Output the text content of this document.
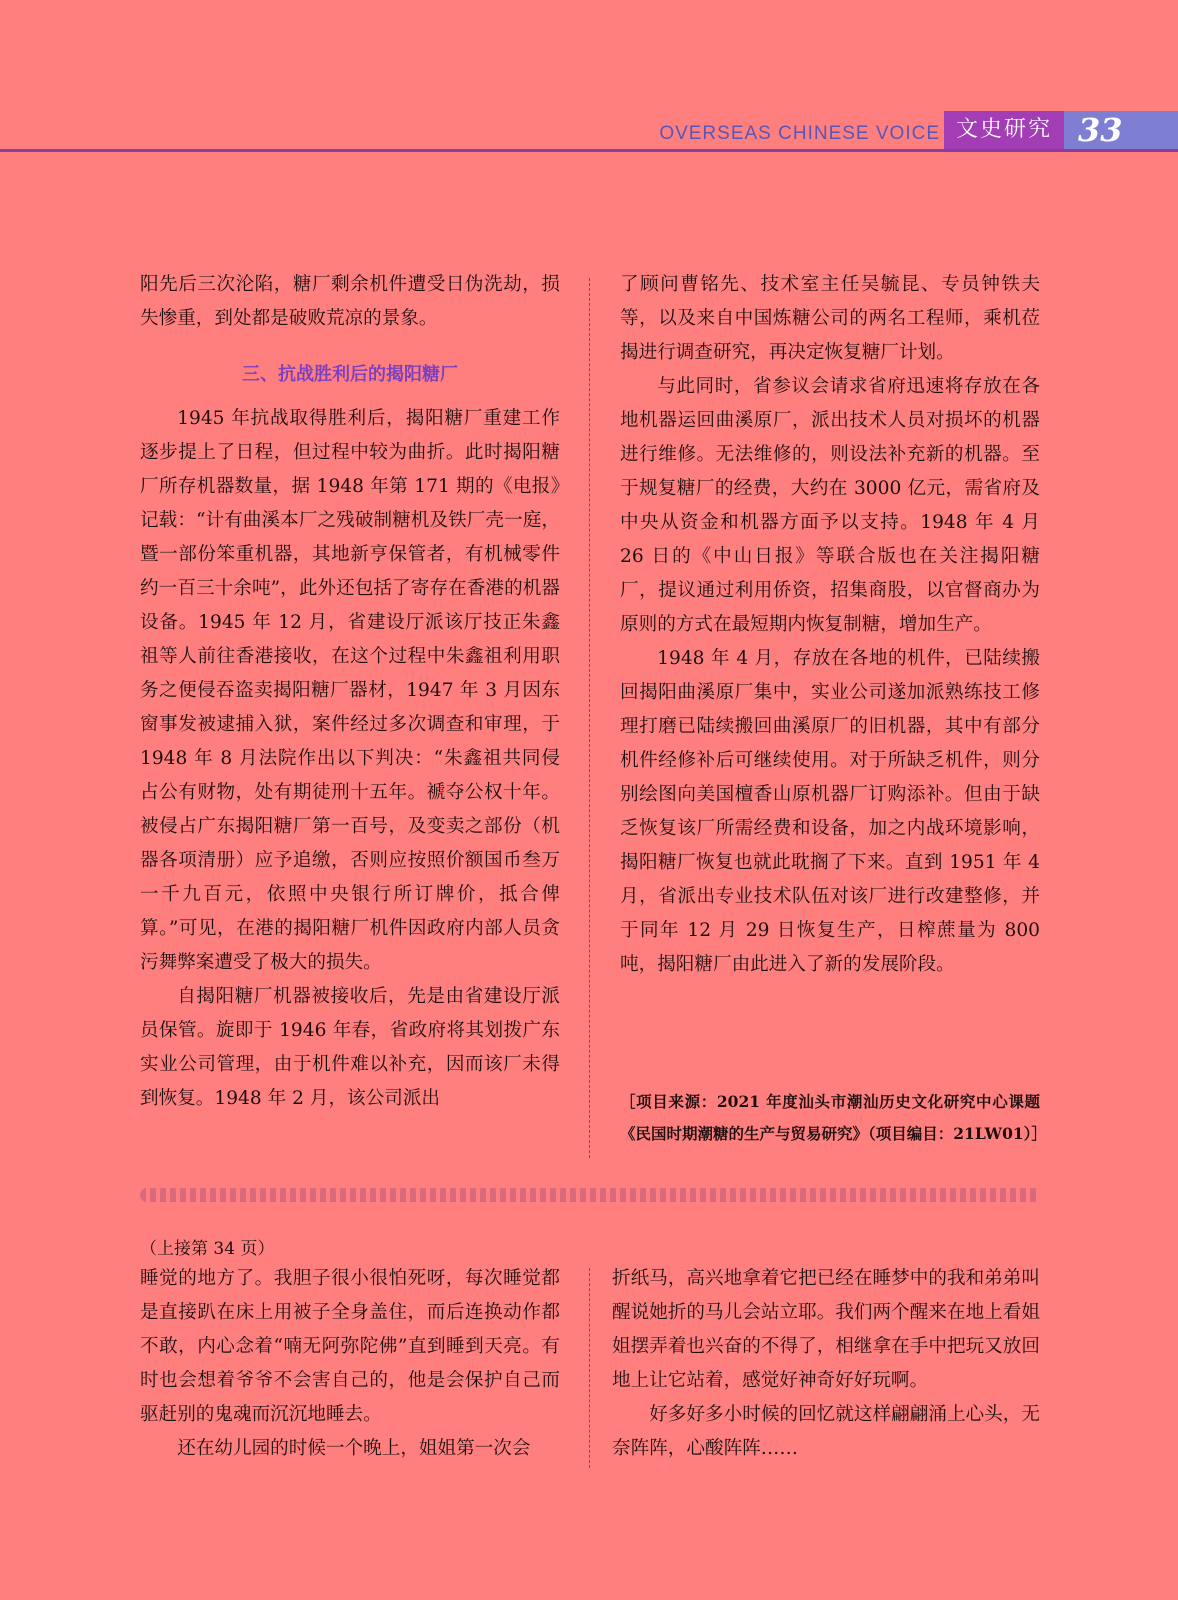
OVERSEAS CHINESE VOICE 文史研究 33

阳先后三次沦陷，糖厂剩余机件遭受日伪洗劫，损失惨重，到处都是破败荒凉的景象。

三、抗战胜利后的揭阳糖厂

1945 年抗战取得胜利后，揭阳糖厂重建工作逐步提上了日程，但过程中较为曲折。此时揭阳糖厂所存机器数量，据 1948 年第 171 期的《电报》记载：“计有曲溪本厂之残破制糖机及铁厂壳一庭，暨一部份笨重机器，其地新亨保管者，有机械零件约一百三十余吨”，此外还包括了寄存在香港的机器设备。1945 年 12 月，省建设厅派该厅技正朱鑫祖等人前往香港接收，在这个过程中朱鑫祖利用职务之便侵吞盗卖揭阳糖厂器材，1947 年 3 月因东窗事发被逮捕入狱，案件经过多次调查和审理，于 1948 年 8 月法院作出以下判决：“朱鑫祖共同侵占公有财物，处有期徒刑十五年。褫夺公权十年。被侵占广东揭阳糖厂第一百号，及变卖之部份（机器各项清册）应予追缴，否则应按照价额国币叁万一千九百元，依照中央银行所订牌价，抵合俾算。”可见，在港的揭阳糖厂机件因政府内部人员贪污舞弊案遭受了极大的损失。

自揭阳糖厂机器被接收后，先是由省建设厅派员保管。旋即于 1946 年春，省政府将其划拨广东实业公司管理，由于机件难以补充，因而该厂未得到恢复。1948 年 2 月，该公司派出

了顾问曹铭先、技术室主任吴毓昆、专员钟铁夫等，以及来自中国炼糖公司的两名工程师，乘机莅揭进行调查研究，再决定恢复糖厂计划。

与此同时，省参议会请求省府迅速将存放在各地机器运回曲溪原厂，派出技术人员对损坏的机器进行维修。无法维修的，则设法补充新的机器。至于规复糖厂的经费，大约在 3000 亿元，需省府及中央从资金和机器方面予以支持。1948 年 4 月 26 日的《中山日报》等联合版也在关注揭阳糖厂，提议通过利用侨资，招集商股，以官督商办为原则的方式在最短期内恢复制糖，增加生产。

1948 年 4 月，存放在各地的机件，已陆续搬回揭阳曲溪原厂集中，实业公司遂加派熟练技工修理打磨已陆续搬回曲溪原厂的旧机器，其中有部分机件经修补后可继续使用。对于所缺乏机件，则分别绘图向美国檀香山原机器厂订购添补。但由于缺乏恢复该厂所需经费和设备，加之内战环境影响，揭阳糖厂恢复也就此耽搁了下来。直到 1951 年 4 月，省派出专业技术队伍对该厂进行改建整修，并于同年 12 月 29 日恢复生产，日榨蔗量为 800 吨，揭阳糖厂由此进入了新的发展阶段。

［项目来源：2021 年度汕头市潮汕历史文化研究中心课题《民国时期潮糖的生产与贸易研究》（项目编目：21LW01）］
（上接第 34 页）

睡觉的地方了。我胆子很小很怕死呀，每次睡觉都是直接趴在床上用被子全身盖住，而后连换动作都不敢，内心念着“喃无阿弥陀佛”直到睡到天亮。有时也会想着爷爷不会害自己的，他是会保护自己而驱赶别的鬼魂而沉沉地睡去。

还在幼儿园的时候一个晚上，姐姐第一次会

折纸马，高兴地拿着它把已经在睡梦中的我和弟弟叫醒说她折的马儿会站立耶。我们两个醒来在地上看姐姐摆弄着也兴奋的不得了，相继拿在手中把玩又放回地上让它站着，感觉好神奇好好玩啊。

好多好多小时候的回忆就这样翩翩涌上心头，无奈阵阵，心酸阵阵……
